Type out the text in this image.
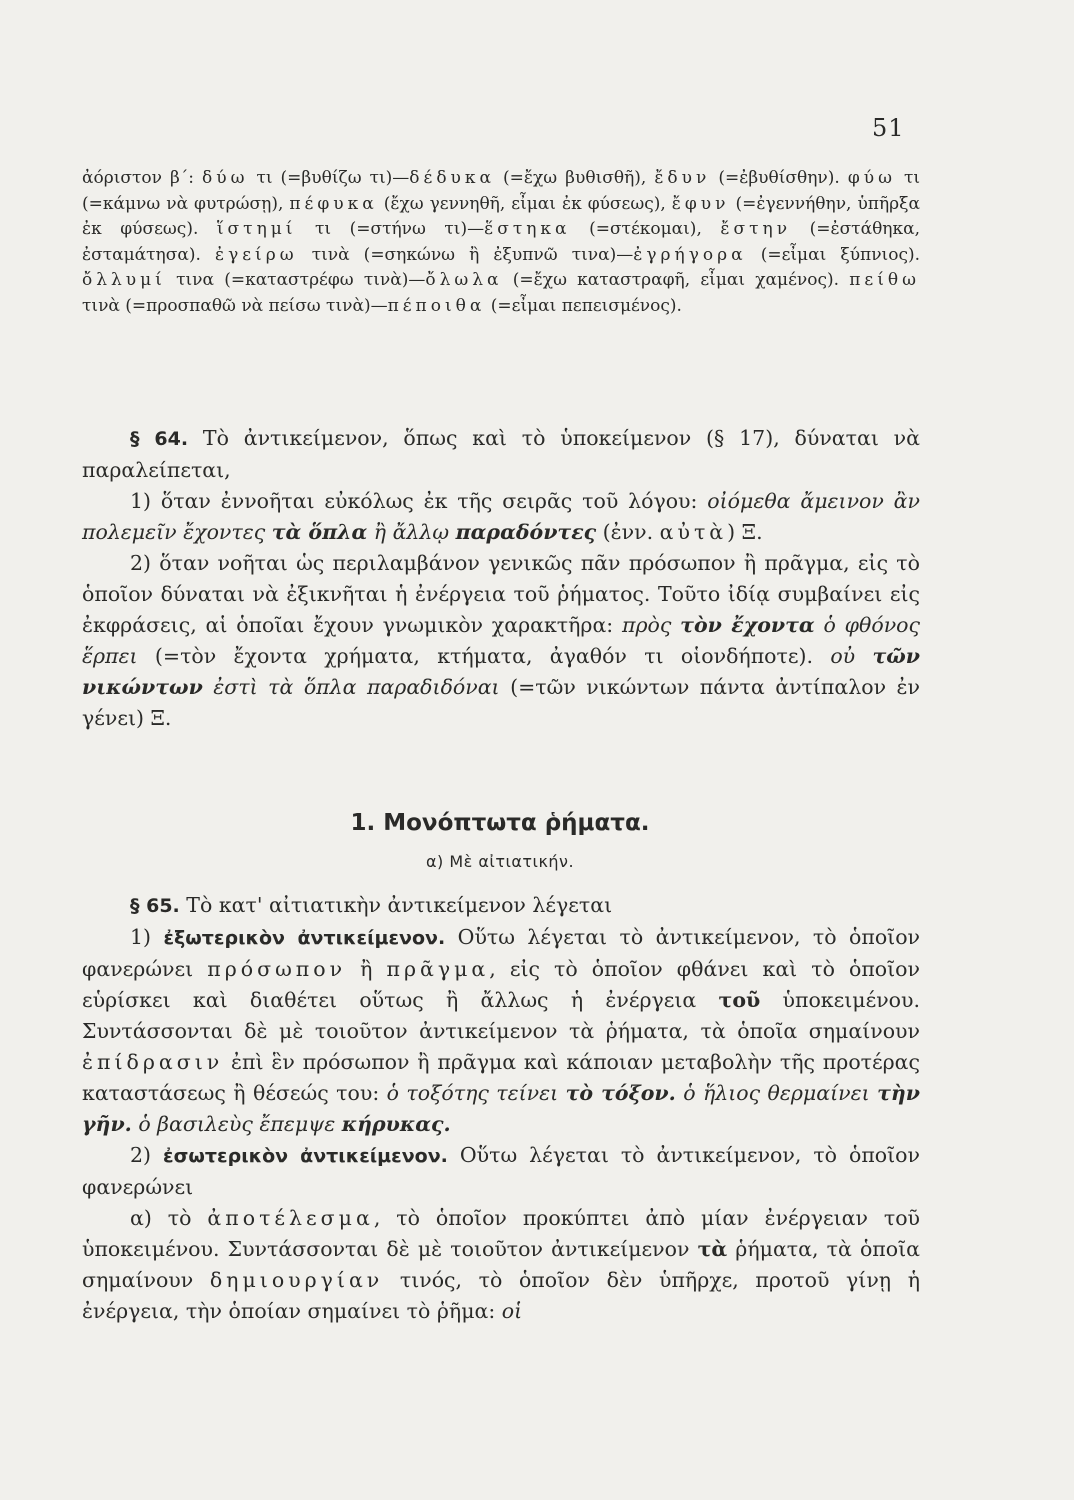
51

ἀόριστον β΄: δύω τι (=βυθίζω τι)—δέδυκα (=ἔχω βυθισθῆ), ἔδυν (=ἐβυθίσθην). φύω τι (=κάμνω νὰ φυτρώσῃ), πέφυκα (ἔχω γεννηθῆ, εἶμαι ἐκ φύσεως), ἔφυν (=ἐγεννήθην, ὑπῆρξα ἐκ φύσεως). ἵστημί τι (=στήνω τι)—ἕστηκα (=στέκομαι), ἔστην (=ἐστάθηκα, ἐσταμάτησα). ἐγείρω τινὰ (=σηκώνω ἢ ἐξυπνῶ τινα)—ἐγρήγορα (=εἶμαι ξύπνιος). ὄλλυμί τινα (=καταστρέφω τινὰ)—ὄλωλα (=ἔχω καταστραφῆ, εἶμαι χαμένος). πείθω τινὰ (=προσπαθῶ νὰ πείσω τινὰ)—πέποιθα (=εἶμαι πεπεισμένος).

§ 64. Τὸ ἀντικείμενον, ὅπως καὶ τὸ ὑποκείμενον (§ 17), δύναται νὰ παραλείπεται,

1) ὅταν ἐννοῆται εὐκόλως ἐκ τῆς σειρᾶς τοῦ λόγου: οἰόμεθα ἄμεινον ἂν πολεμεῖν ἔχοντες τὰ ὅπλα ἢ ἄλλῳ παραδόντες (ἐνν. αὐτὰ) Ξ.

2) ὅταν νοῆται ὡς περιλαμβάνον γενικῶς πᾶν πρόσωπον ἢ πρᾶγμα, εἰς τὸ ὁποῖον δύναται νὰ ἐξικνῆται ἡ ἐνέργεια τοῦ ῥήματος. Τοῦτο ἰδίᾳ συμβαίνει εἰς ἐκφράσεις, αἱ ὁποῖαι ἔχουν γνωμικὸν χαρακτῆρα: πρὸς τὸν ἔχοντα ὁ φθόνος ἕρπει (=τὸν ἔχοντα χρήματα, κτήματα, ἀγαθόν τι οἱονδήποτε). οὐ τῶν νικώντων ἐστὶ τὰ ὅπλα παραδιδόναι (=τῶν νικώντων πάντα ἀντίπαλον ἐν γένει) Ξ.

1. Μονόπτωτα ῥήματα.
α) Μὲ αἰτιατικήν.

§ 65. Τὸ κατ' αἰτιατικὴν ἀντικείμενον λέγεται

1) ἐξωτερικὸν ἀντικείμενον. Οὕτω λέγεται τὸ ἀντικείμενον, τὸ ὁποῖον φανερώνει πρόσωπον ἢ πρᾶγμα, εἰς τὸ ὁποῖον φθάνει καὶ τὸ ὁποῖον εὑρίσκει καὶ διαθέτει οὕτως ἢ ἄλλως ἡ ἐνέργεια τοῦ ὑποκειμένου. Συντάσσονται δὲ μὲ τοιοῦτον ἀντικείμενον τὰ ῥήματα, τὰ ὁποῖα σημαίνουν ἐπίδρασιν ἐπὶ ἓν πρόσωπον ἢ πρᾶγμα καὶ κάποιαν μεταβολὴν τῆς προτέρας καταστάσεως ἢ θέσεώς του: ὁ τοξότης τείνει τὸ τόξον. ὁ ἥλιος θερμαίνει τὴν γῆν. ὁ βασιλεὺς ἔπεμψε κήρυκας.

2) ἐσωτερικὸν ἀντικείμενον. Οὕτω λέγεται τὸ ἀντικείμενον, τὸ ὁποῖον φανερώνει

α) τὸ ἀποτέλεσμα, τὸ ὁποῖον προκύπτει ἀπὸ μίαν ἐνέργειαν τοῦ ὑποκειμένου. Συντάσσονται δὲ μὲ τοιοῦτον ἀντικείμενον τὰ ῥήματα, τὰ ὁποῖα σημαίνουν δημιουργίαν τινός, τὸ ὁποῖον δὲν ὑπῆρχε, προτοῦ γίνῃ ἡ ἐνέργεια, τὴν ὁποίαν σημαίνει τὸ ῥῆμα: οἱ
